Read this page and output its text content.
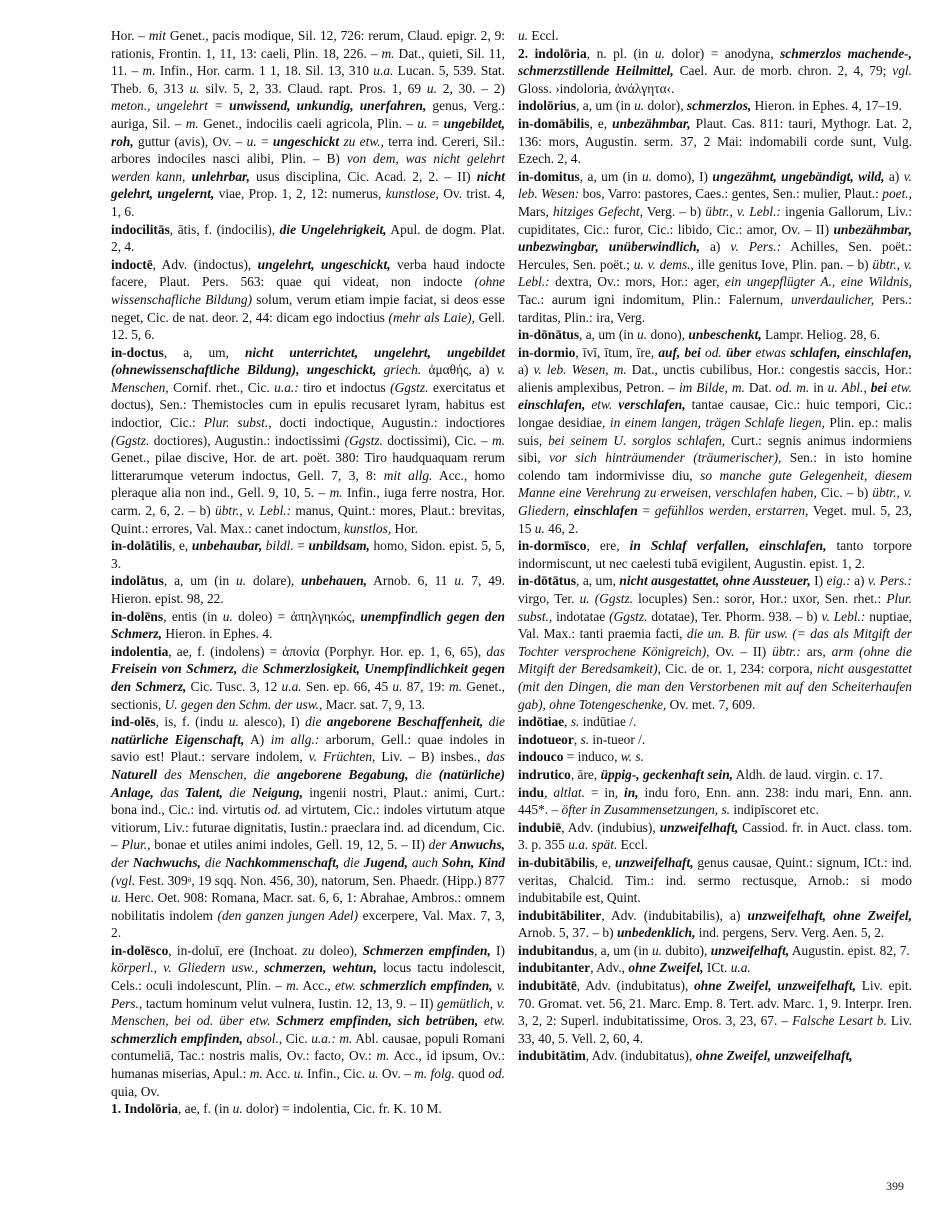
Hor. – mit Genet., pacis modique, Sil. 12, 726: rerum, Claud. epigr. 2, 9: rationis, Frontin. 1, 11, 13: caeli, Plin. 18, 226. – m. Dat., quieti, Sil. 11, 11. – m. Infin., Hor. carm. 1 1, 18. Sil. 13, 310 u.a. Lucan. 5, 539. Stat. Theb. 6, 313 u. silv. 5, 2, 33. Claud. rapt. Pros. 1, 69 u. 2, 30. – 2) meton., ungelehrt = unwissend, unkundig, unerfahren, genus, Verg.: auriga, Sil. – m. Genet., indocilis caeli agricola, Plin. – u. = ungebildet, roh, guttur (avis), Ov. – u. = ungeschickt zu etw., terra ind. Cereri, Sil.: arbores indociles nasci alibi, Plin. – B) von dem, was nicht gelehrt werden kann, unlehrbar, usus disciplina, Cic. Acad. 2, 2. – II) nicht gelehrt, ungelernt, viae, Prop. 1, 2, 12: numerus, kunstlose, Ov. trist. 4, 1, 6.

indocilitās, ātis, f. (indocilis), die Ungelehrigkeit, Apul. de dogm. Plat. 2, 4.

indoctē, Adv. (indoctus), ungelehrt, ungeschickt, verba haud indocte facere, Plaut. Pers. 563: quae qui videat, non indocte (ohne wissenschafliche Bildung) solum, verum etiam impie faciat, si deos esse neget, Cic. de nat. deor. 2, 44: dicam ego indoctius (mehr als Laie), Gell. 12. 5, 6.

in-doctus, a, um, nicht unterrichtet, ungelehrt, ungebildet (ohnewissenschaftliche Bildung), ungeschickt, griech. ἀμαθής, a) v. Menschen, Cornif. rhet., Cic. u.a.: tiro et indoctus (Ggstz. exercitatus et doctus), Sen.: Themistocles cum in epulis recusaret lyram, habitus est indoctior, Cic.: Plur. subst., docti indoctique, Augustin.: indoctiores (Ggstz. doctiores), Augustin.: indoctissimi (Ggstz. doctissimi), Cic. – m. Genet., pilae discive, Hor. de art. poët. 380: Tiro haudquaquam rerum litterarumque veterum indoctus, Gell. 7, 3, 8: mit allg. Acc., homo pleraque alia non ind., Gell. 9, 10, 5. – m. Infin., iuga ferre nostra, Hor. carm. 2, 6, 2. – b) übtr., v. Lebl.: manus, Quint.: mores, Plaut.: brevitas, Quint.: errores, Val. Max.: canet indoctum, kunstlos, Hor.

in-dolātilis, e, unbehaubar, bildl. = unbildsam, homo, Sidon. epist. 5, 5, 3.

indolātus, a, um (in u. dolare), unbehauen, Arnob. 6, 11 u. 7, 49. Hieron. epist. 98, 22.

in-dolēns, entis (in u. doleo) = ἀπηλγηκώς, unempfindlich gegen den Schmerz, Hieron. in Ephes. 4.

indolentia, ae, f. (indolens) = ἀπονία (Porphyr. Hor. ep. 1, 6, 65), das Freisein von Schmerz, die Schmerzlosigkeit, Unempfindlichkeit gegen den Schmerz, Cic. Tusc. 3, 12 u.a. Sen. ep. 66, 45 u. 87, 19: m. Genet., sectionis, U. gegen den Schm. der usw., Macr. sat. 7, 9, 13.

ind-olēs, is, f. (indu u. alesco), I) die angeborene Beschaffenheit, die natürliche Eigenschaft, A) im allg.: arborum, Gell.: quae indoles in savio est! Plaut.: servare indolem, v. Früchten, Liv. – B) insbes., das Naturell des Menschen, die angeborene Begabung, die (natürliche) Anlage, das Talent, die Neigung, ingenii nostri, Plaut.: animi, Curt.: bona ind., Cic.: ind. virtutis od. ad virtutem, Cic.: indoles virtutum atque vitiorum, Liv.: futurae dignitatis, Iustin.: praeclara ind. ad dicendum, Cic. – Plur., bonae et utiles animi indoles, Gell. 19, 12, 5. – II) der Anwuchs, der Nachwuchs, die Nachkommenschaft, die Jugend, auch Sohn, Kind (vgl. Fest. 309ᵃ, 19 sqq. Non. 456, 30), natorum, Sen. Phaedr. (Hipp.) 877 u. Herc. Oet. 908: Romana, Macr. sat. 6, 6, 1: Abrahae, Ambros.: omnem nobilitatis indolem (den ganzen jungen Adel) excerpere, Val. Max. 7, 3, 2.

in-dolēsco, in-doluī, ere (Inchoat. zu doleo), Schmerzen empfinden, I) körperl., v. Gliedern usw., schmerzen, wehtun, locus tactu indolescit, Cels.: oculi indolescunt, Plin. – m. Acc., etw. schmerzlich empfinden, v. Pers., tactum hominum velut vulnera, Iustin. 12, 13, 9. – II) gemütlich, v. Menschen, bei od. über etw. Schmerz empfinden, sich betrüben, etw. schmerzlich empfinden, absol., Cic. u.a.: m. Abl. causae, populi Romani contumeliā, Tac.: nostris malis, Ov.: facto, Ov.: m. Acc., id ipsum, Ov.: humanas miserias, Apul.: m. Acc. u. Infin., Cic. u. Ov. – m. folg. quod od. quia, Ov.

1. Indolōria, ae, f. (in u. dolor) = indolentia, Cic. fr. K. 10 M.

u. Eccl.

2. indolōria, n. pl. (in u. dolor) = anodyna, schmerzlos machende-, schmerzstillende Heilmittel, Cael. Aur. de morb. chron. 2, 4, 79; vgl. Gloss. ›indoloria, ἀνάλγητα‹.

indolōrius, a, um (in u. dolor), schmerzlos, Hieron. in Ephes. 4, 17–19.

in-domābilis, e, unbezähmbar, Plaut. Cas. 811: tauri, Mythogr. Lat. 2, 136: mors, Augustin. serm. 37, 2 Mai: indomabili corde sunt, Vulg. Ezech. 2, 4.

in-domitus, a, um (in u. domo), I) ungezähmt, ungebändigt, wild, a) v. leb. Wesen: bos, Varro: pastores, Caes.: gentes, Sen.: mulier, Plaut.: poet., Mars, hitziges Gefecht, Verg. – b) übtr., v. Lebl.: ingenia Gallorum, Liv.: cupiditates, Cic.: furor, Cic.: libido, Cic.: amor, Ov. – II) unbezähmbar, unbezwingbar, unüberwindlich, a) v. Pers.: Achilles, Sen. poët.: Hercules, Sen. poët.; u. v. dems., ille genitus Iove, Plin. pan. – b) übtr., v. Lebl.: dextra, Ov.: mors, Hor.: ager, ein ungepflügter A., eine Wildnis, Tac.: aurum igni indomitum, Plin.: Falernum, unverdaulicher, Pers.: tarditas, Plin.: ira, Verg.

in-dōnātus, a, um (in u. dono), unbeschenkt, Lampr. Heliog. 28, 6.

in-dormio, īvī, ītum, īre, auf, bei od. über etwas schlafen, einschlafen, a) v. leb. Wesen, m. Dat., unctis cubilibus, Hor.: congestis saccis, Hor.: alienis amplexibus, Petron. – im Bilde, m. Dat. od. m. in u. Abl., bei etw. einschlafen, etw. verschlafen, tantae causae, Cic.: huic tempori, Cic.: longae desidiae, in einem langen, trägen Schlafe liegen, Plin. ep.: malis suis, bei seinem U. sorglos schlafen, Curt.: segnis animus indormiens sibi, vor sich hinträumender (träumerischer), Sen.: in isto homine colendo tam indormivisse diu, so manche gute Gelegenheit, diesem Manne eine Verehrung zu erweisen, verschlafen haben, Cic. – b) übtr., v. Gliedern, einschlafen = gefühllos werden, erstarren, Veget. mul. 5, 23, 15 u. 46, 2.

in-dormīsco, ere, in Schlaf verfallen, einschlafen, tanto torpore indormiscunt, ut nec caelesti tubā evigilent, Augustin. epist. 1, 2.

in-dōtātus, a, um, nicht ausgestattet, ohne Aussteuer, I) eig.: a) v. Pers.: virgo, Ter. u. (Ggstz. locuples) Sen.: soror, Hor.: uxor, Sen. rhet.: Plur. subst., indotatae (Ggstz. dotatae), Ter. Phorm. 938. – b) v. Lebl.: nuptiae, Val. Max.: tanti praemia facti, die un. B. für usw. (= das als Mitgift der Tochter versprochene Königreich), Ov. – II) übtr.: ars, arm (ohne die Mitgift der Beredsamkeit), Cic. de or. 1, 234: corpora, nicht ausgestattet (mit den Dingen, die man den Verstorbenen mit auf den Scheiterhaufen gab), ohne Totengeschenke, Ov. met. 7, 609.

indōtiae, s. indūtiae /.

indotueor, s. in-tueor /.

indouco = induco, w. s.

indrutico, āre, üppig-, geckenhaft sein, Aldh. de laud. virgin. c. 17.

indu, altlat. = in, in, indu foro, Enn. ann. 238: indu mari, Enn. ann. 445*. – öfter in Zusammensetzungen, s. indipīscoret etc.

indubiē, Adv. (indubius), unzweifelhaft, Cassiod. fr. in Auct. class. tom. 3. p. 355 u.a. spät. Eccl.

in-dubitābilis, e, unzweifelhaft, genus causae, Quint.: signum, ICt.: ind. veritas, Chalcid. Tim.: ind. sermo rectusque, Arnob.: si modo indubitabile est, Quint.

indubitābiliter, Adv. (indubitabilis), a) unzweifelhaft, ohne Zweifel, Arnob. 5, 37. – b) unbedenklich, ind. pergens, Serv. Verg. Aen. 5, 2.

indubitandus, a, um (in u. dubito), unzweifelhaft, Augustin. epist. 82, 7.

indubitanter, Adv., ohne Zweifel, ICt. u.a.

indubitātē, Adv. (indubitatus), ohne Zweifel, unzweifelhaft, Liv. epit. 70. Gromat. vet. 56, 21. Marc. Emp. 8. Tert. adv. Marc. 1, 9. Interpr. Iren. 3, 2, 2: Superl. indubitatissime, Oros. 3, 23, 67. – Falsche Lesart b. Liv. 33, 40, 5. Vell. 2, 60, 4.

indubitātim, Adv. (indubitatus), ohne Zweifel, unzweifelhaft,

399
